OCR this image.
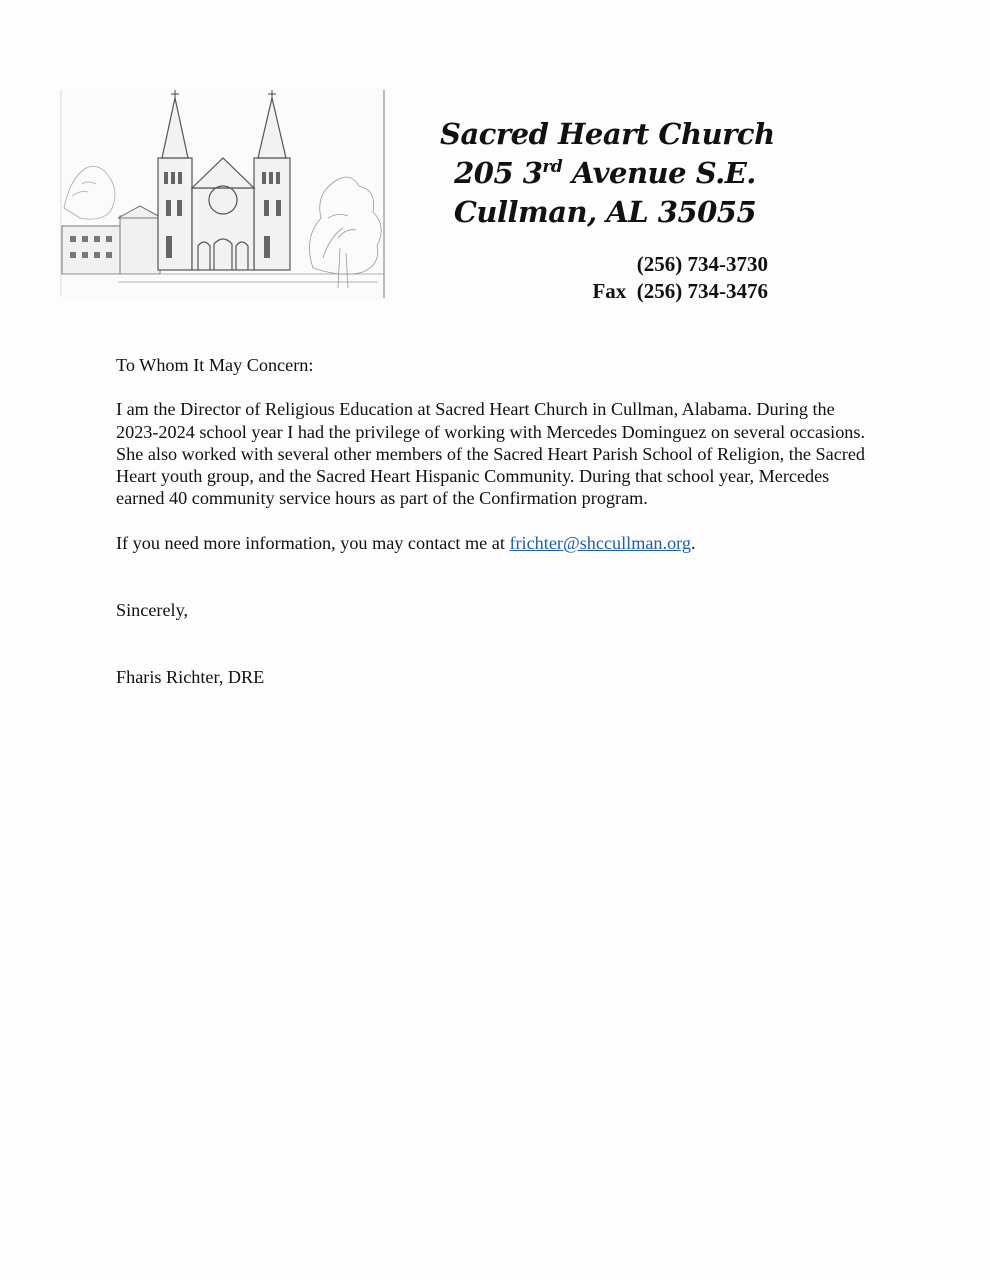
Sacred Heart Church
205 3rd Avenue S.E.
Cullman, AL 35055
(256) 734-3730
Fax (256) 734-3476

To Whom It May Concern:

I am the Director of Religious Education at Sacred Heart Church in Cullman, Alabama. During the 2023-2024 school year I had the privilege of working with Mercedes Dominguez on several occasions. She also worked with several other members of the Sacred Heart Parish School of Religion, the Sacred Heart youth group, and the Sacred Heart Hispanic Community. During that school year, Mercedes earned 40 community service hours as part of the Confirmation program.

If you need more information, you may contact me at frichter@shccullman.org.

Sincerely,

Fharis Richter, DRE
